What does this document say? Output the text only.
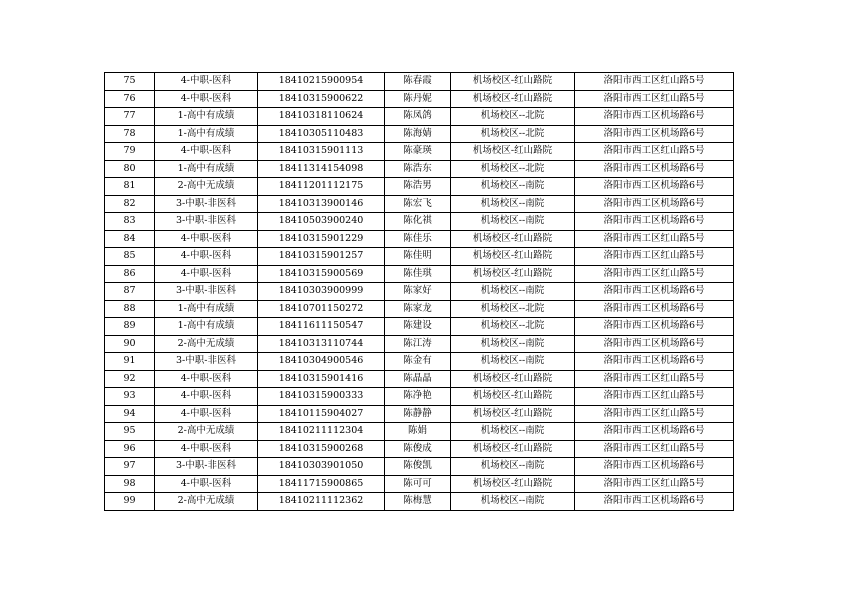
75	4-中职-医科	18410215900954	陈春霞	机场校区-红山路院	洛阳市西工区红山路5号
76	4-中职-医科	18410315900622	陈丹妮	机场校区-红山路院	洛阳市西工区红山路5号
77	1-高中有成绩	18410318110624	陈凤鸽	机场校区--北院	洛阳市西工区机场路6号
78	1-高中有成绩	18410305110483	陈海婧	机场校区--北院	洛阳市西工区机场路6号
79	4-中职-医科	18410315901113	陈豪瑛	机场校区-红山路院	洛阳市西工区红山路5号
80	1-高中有成绩	18411314154098	陈浩东	机场校区--北院	洛阳市西工区机场路6号
81	2-高中无成绩	18411201112175	陈浩男	机场校区--南院	洛阳市西工区机场路6号
82	3-中职-非医科	18410313900146	陈宏飞	机场校区--南院	洛阳市西工区机场路6号
83	3-中职-非医科	18410503900240	陈化祺	机场校区--南院	洛阳市西工区机场路6号
84	4-中职-医科	18410315901229	陈佳乐	机场校区-红山路院	洛阳市西工区红山路5号
85	4-中职-医科	18410315901257	陈佳明	机场校区-红山路院	洛阳市西工区红山路5号
86	4-中职-医科	18410315900569	陈佳琪	机场校区-红山路院	洛阳市西工区红山路5号
87	3-中职-非医科	18410303900999	陈家好	机场校区--南院	洛阳市西工区机场路6号
88	1-高中有成绩	18410701150272	陈家龙	机场校区--北院	洛阳市西工区机场路6号
89	1-高中有成绩	18411611150547	陈建设	机场校区--北院	洛阳市西工区机场路6号
90	2-高中无成绩	18410313110744	陈江涛	机场校区--南院	洛阳市西工区机场路6号
91	3-中职-非医科	18410304900546	陈金有	机场校区--南院	洛阳市西工区机场路6号
92	4-中职-医科	18410315901416	陈晶晶	机场校区-红山路院	洛阳市西工区红山路5号
93	4-中职-医科	18410315900333	陈净艳	机场校区-红山路院	洛阳市西工区红山路5号
94	4-中职-医科	18410115904027	陈静静	机场校区-红山路院	洛阳市西工区红山路5号
95	2-高中无成绩	18410211112304	陈娟	机场校区--南院	洛阳市西工区机场路6号
96	4-中职-医科	18410315900268	陈俊成	机场校区-红山路院	洛阳市西工区红山路5号
97	3-中职-非医科	18410303901050	陈俊凯	机场校区--南院	洛阳市西工区机场路6号
98	4-中职-医科	18411715900865	陈可可	机场校区-红山路院	洛阳市西工区红山路5号
99	2-高中无成绩	18410211112362	陈梅慧	机场校区--南院	洛阳市西工区机场路6号
